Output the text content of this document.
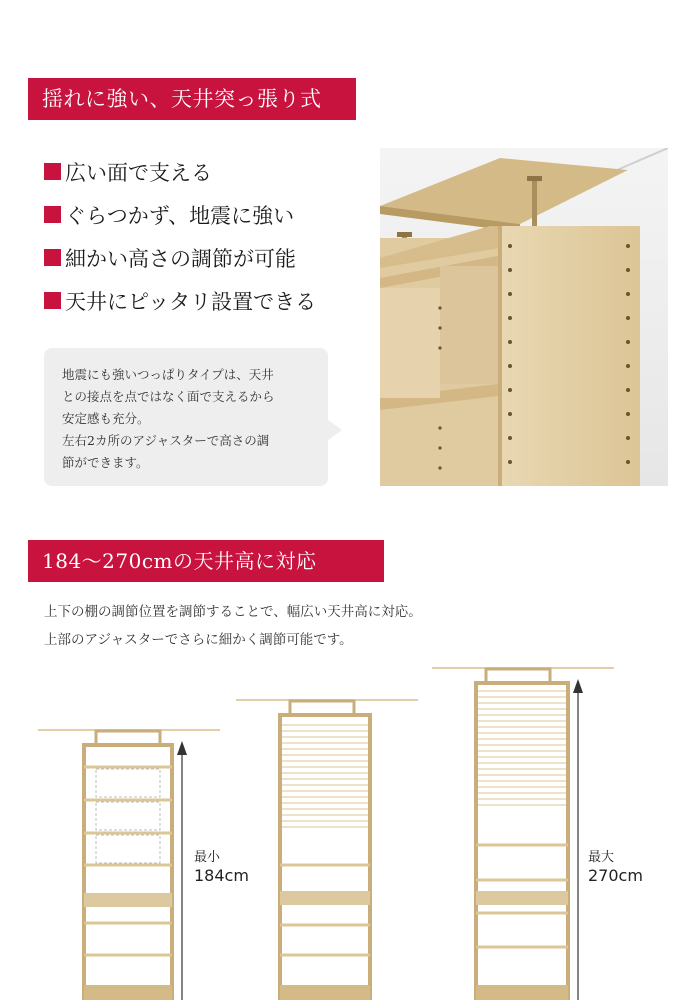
揺れに強い、天井突っ張り式
広い面で支える
ぐらつかず、地震に強い
細かい高さの調節が可能
天井にピッタリ設置できる

地震にも強いつっぱりタイプは、天井

との接点を点ではなく面で支えるから

安定感も充分。

左右2カ所のアジャスターで高さの調

節ができます。

184〜270cmの天井高に対応

上下の棚の調節位置を調節することで、幅広い天井高に対応。

上部のアジャスターでさらに細かく調節可能です。

最小
184cm
最大
270cm
